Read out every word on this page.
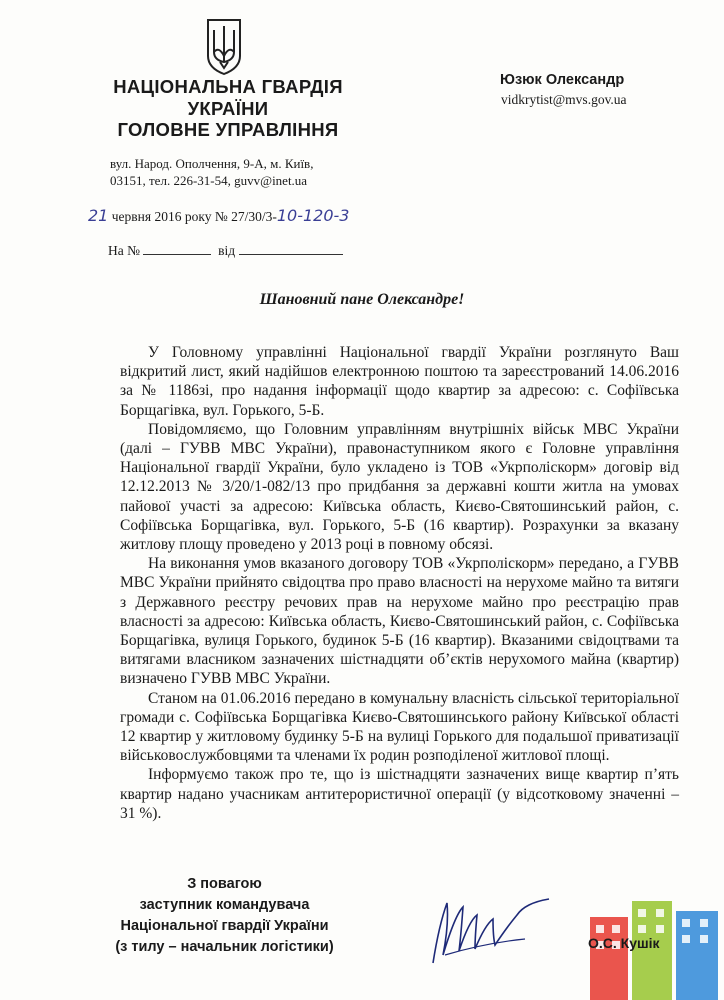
НАЦІОНАЛЬНА ГВАРДІЯ
УКРАЇНИ
ГОЛОВНЕ УПРАВЛІННЯ
вул. Народ. Ополчення, 9-А, м. Київ,
03151, тел. 226-31-54, guvv@inet.ua
Юзюк Олександр
vidkrytist@mvs.gov.ua
21 червня 2016 року № 27/30/3-10-120-3
На №	від
Шановний пане Олександре!

У Головному управлінні Національної гвардії України розглянуто Ваш відкритий лист, який надійшов електронною поштою та зареєстрований 14.06.2016 за № 1186зі, про надання інформації щодо квартир за адресою: с. Софіївська Борщагівка, вул. Горького, 5-Б.

Повідомляємо, що Головним управлінням внутрішніх військ МВС України (далі – ГУВВ МВС України), правонаступником якого є Головне управління Національної гвардії України, було укладено із ТОВ «Укрполіскорм» договір від 12.12.2013 № 3/20/1-082/13 про придбання за державні кошти житла на умовах пайової участі за адресою: Київська область, Києво-Святошинський район, с. Софіївська Борщагівка, вул. Горького, 5-Б (16 квартир). Розрахунки за вказану житлову площу проведено у 2013 році в повному обсязі.

На виконання умов вказаного договору ТОВ «Укрполіскорм» передано, а ГУВВ МВС України прийнято свідоцтва про право власності на нерухоме майно та витяги з Державного реєстру речових прав на нерухоме майно про реєстрацію прав власності за адресою: Київська область, Києво-Святошинський район, с. Софіївська Борщагівка, вулиця Горького, будинок 5-Б (16 квартир). Вказаними свідоцтвами та витягами власником зазначених шістнадцяти об’єктів нерухомого майна (квартир) визначено ГУВВ МВС України.

Станом на 01.06.2016 передано в комунальну власність сільської територіальної громади с. Софіївська Борщагівка Києво-Святошинського району Київської області 12 квартир у житловому будинку 5-Б на вулиці Горького для подальшої приватизації військовослужбовцями та членами їх родин розподіленої житлової площі.

Інформуємо також про те, що із шістнадцяти зазначених вище квартир п’ять квартир надано учасникам антитерористичної операції (у відсотковому значенні – 31 %).

З повагою
заступник командувача
Національної гвардії України
(з тилу – начальник логістики)	О.С. Кушік
